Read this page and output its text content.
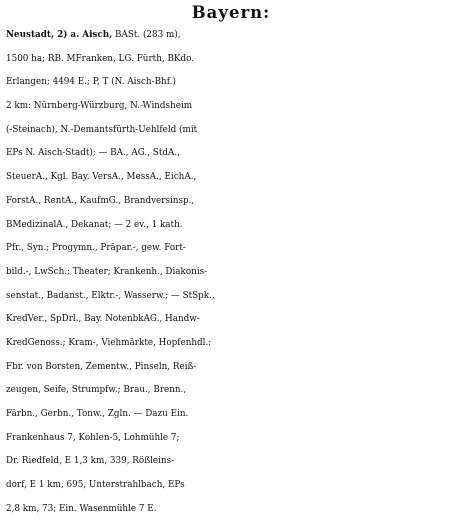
Bayern:
Neustadt, 2) a. Aisch, BASt. (283 m),
1500 ha; RB. MFranken, LG. Fürth, BKdo.
Erlangen; 4494 E.; P, T (N. Aisch-Bhf.)
2 km: Nürnberg-Würzburg, N.-Windsheim
(-Steinach), N.-Demantsfürth-Uehlfeld (mit
EPs N. Aisch-Stadt); — BA., AG., StdA.,
SteuerA., Kgl. Bay. VersA., MessA., EichA.,
ForstA., RentA., KaufmG., Brandversinsp.,
BMedizinalA., Dekanat; — 2 ev., 1 kath.
Pfr., Syn.; Progymn., Präpar.-, gew. Fort-
bild.-, LwSch.; Theater; Krankenh., Diakonis-
senstat., Badanst., Elktr.-, Wasserw.; — StSpk.,
KredVer., SpDrl., Bay. NotenbkAG., Handw-
KredGenoss.; Kram-, Viehmärkte, Hopfenhdl.;
Fbr. von Borsten, Zementw., Pinseln, Reiß-
zeugen, Seife, Strumpfw.; Brau., Brenn.,
Färbn., Gerbn., Tonw., Zgln. — Dazu Ein.
Frankenhaus 7, Kohlen-5, Lohmühle 7;
Dr. Riedfeld, E 1,3 km, 339, Rößleins-
dorf, E 1 km, 695, Unterstrahlbach, EPs
2,8 km, 73; Ein. Wasenmühle 7 E.
